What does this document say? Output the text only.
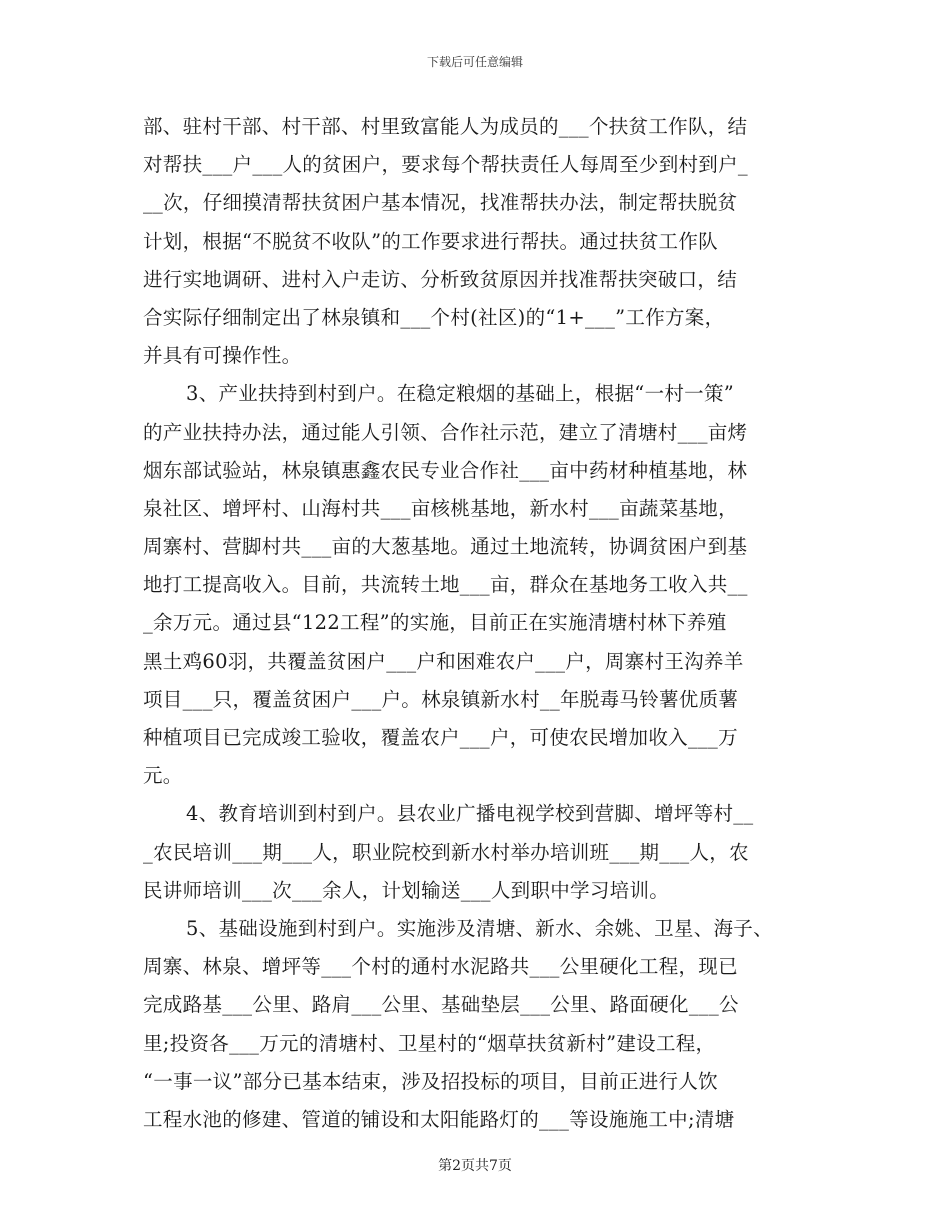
下载后可任意编辑
部、驻村干部、村干部、村里致富能人为成员的___个扶贫工作队，结
对帮扶___户___人的贫困户，要求每个帮扶责任人每周至少到村到户_
__次，仔细摸清帮扶贫困户基本情况，找准帮扶办法，制定帮扶脱贫
计划，根据“不脱贫不收队”的工作要求进行帮扶。通过扶贫工作队
进行实地调研、进村入户走访、分析致贫原因并找准帮扶突破口，结
合实际仔细制定出了林泉镇和___个村(社区)的“1+___”工作方案，
并具有可操作性。
3、产业扶持到村到户。在稳定粮烟的基础上，根据“一村一策”
的产业扶持办法，通过能人引领、合作社示范，建立了清塘村___亩烤
烟东部试验站，林泉镇惠鑫农民专业合作社___亩中药材种植基地，林
泉社区、增坪村、山海村共___亩核桃基地，新水村___亩蔬菜基地，
周寨村、营脚村共___亩的大葱基地。通过土地流转，协调贫困户到基
地打工提高收入。目前，共流转土地___亩，群众在基地务工收入共__
_余万元。通过县“122工程”的实施，目前正在实施清塘村林下养殖
黑土鸡60羽，共覆盖贫困户___户和困难农户___户，周寨村王沟养羊
项目___只，覆盖贫困户___户。林泉镇新水村__年脱毒马铃薯优质薯
种植项目已完成竣工验收，覆盖农户___户，可使农民增加收入___万
元。
4、教育培训到村到户。县农业广播电视学校到营脚、增坪等村__
_农民培训___期___人，职业院校到新水村举办培训班___期___人，农
民讲师培训___次___余人，计划输送___人到职中学习培训。
5、基础设施到村到户。实施涉及清塘、新水、余姚、卫星、海子、
周寨、林泉、增坪等___个村的通村水泥路共___公里硬化工程，现已
完成路基___公里、路肩___公里、基础垫层___公里、路面硬化___公
里;投资各___万元的清塘村、卫星村的“烟草扶贫新村”建设工程，
“一事一议”部分已基本结束，涉及招投标的项目，目前正进行人饮
工程水池的修建、管道的铺设和太阳能路灯的___等设施施工中;清塘
第2页共7页
